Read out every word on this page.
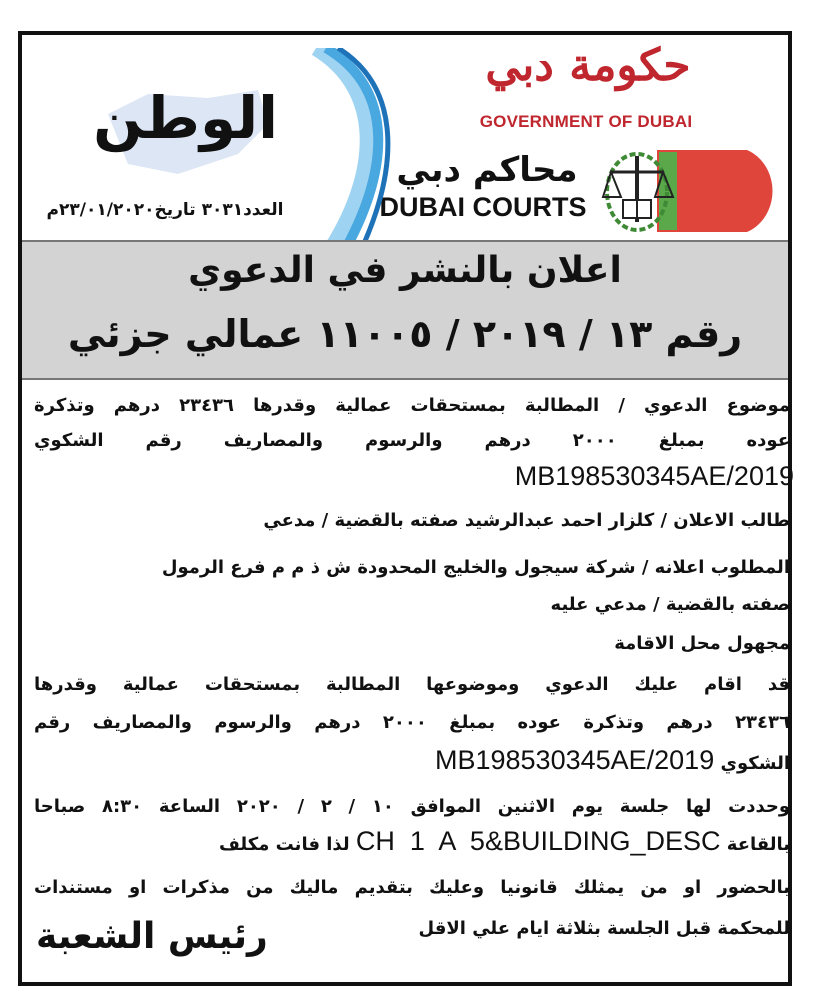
حكومة دبي
GOVERNMENT OF DUBAI
محاكم دبي
DUBAI COURTS
الوطن
العدد٣٠٣١ تاريخ٢٣/٠١/٢٠٢٠م
اعلان بالنشر في الدعوي
رقم ١٣ / ٢٠١٩ / ١١٠٠٥ عمالي جزئي
موضوع الدعوي / المطالبة بمستحقات عمالية وقدرها ٢٣٤٣٦ درهم وتذكرة
عوده بمبلغ ٢٠٠٠ درهم والرسوم والمصاريف رقم الشكوي
MB198530345AE/2019
طالب الاعلان / كلزار احمد عبدالرشيد صفته بالقضية / مدعي
المطلوب اعلانه / شركة سيجول والخليج المحدودة ش ذ م م فرع الرمول
صفته بالقضية / مدعي عليه
مجهول محل الاقامة
قد اقام عليك الدعوي وموضوعها المطالبة بمستحقات عمالية وقدرها
٢٣٤٣٦ درهم وتذكرة عوده بمبلغ ٢٠٠٠ درهم والرسوم والمصاريف رقم
الشكوي MB198530345AE/2019
وحددت لها جلسة يوم الاثنين الموافق ١٠ / ٢ / ٢٠٢٠ الساعة ٨:٣٠ صباحا
بالقاعة CH  1  A  5&BUILDING_DESC لذا فانت مكلف
بالحضور او من يمثلك قانونيا وعليك بتقديم ماليك من مذكرات او مستندات
للمحكمة قبل الجلسة بثلاثة ايام علي الاقل
رئيس الشعبة
